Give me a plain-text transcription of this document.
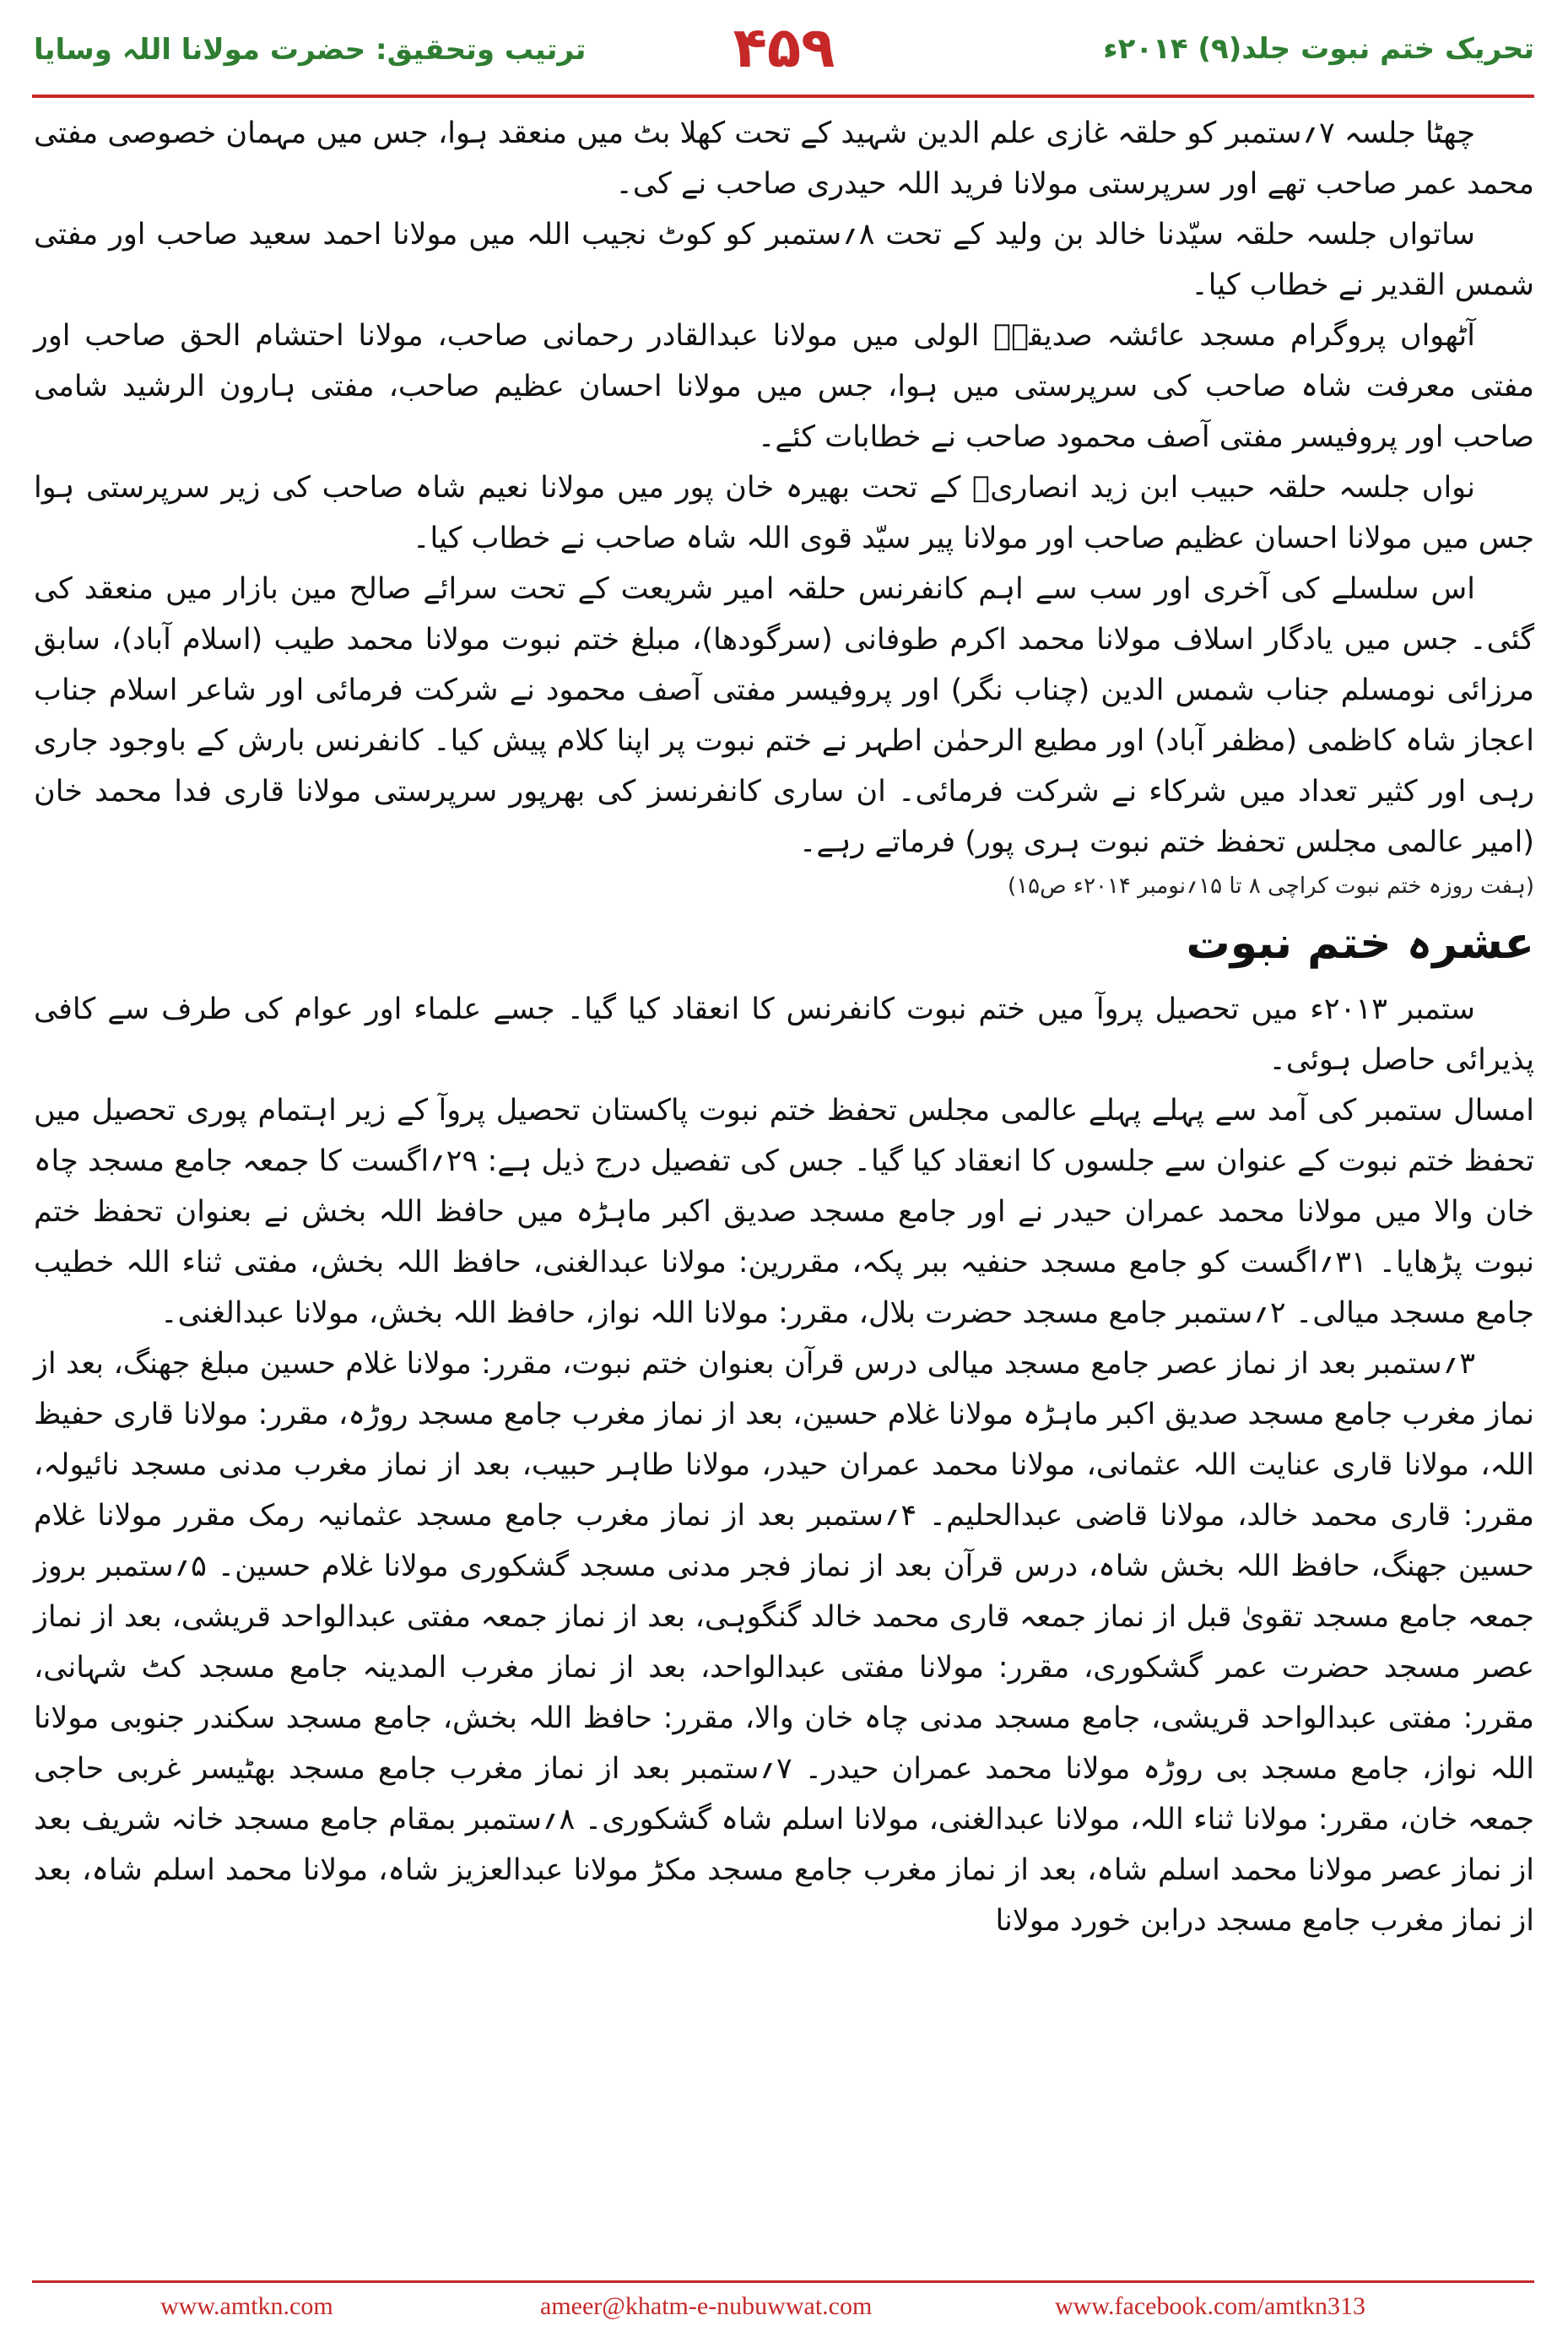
ترتیب وتحقیق: حضرت مولانا اللہ وسایا	۴۵۹	تحریک ختم نبوت جلد(۹) ۲۰۱۴ء

چھٹا جلسہ ۷؍ستمبر کو حلقہ غازی علم الدین شہید کے تحت کھلا بٹ میں منعقد ہوا، جس میں مہمان خصوصی مفتی محمد عمر صاحب تھے اور سرپرستی مولانا فرید اللہ حیدری صاحب نے کی۔

ساتواں جلسہ حلقہ سیّدنا خالد بن ولید کے تحت ۸؍ستمبر کو کوٹ نجیب اللہ میں مولانا احمد سعید صاحب اور مفتی شمس القدیر نے خطاب کیا۔

آٹھواں پروگرام مسجد عائشہ صدیقہؓ الولی میں مولانا عبدالقادر رحمانی صاحب، مولانا احتشام الحق صاحب اور مفتی معرفت شاہ صاحب کی سرپرستی میں ہوا، جس میں مولانا احسان عظیم صاحب، مفتی ہارون الرشید شامی صاحب اور پروفیسر مفتی آصف محمود صاحب نے خطابات کئے۔

نواں جلسہ حلقہ حبیب ابن زید انصاریؓ کے تحت بھیرہ خان پور میں مولانا نعیم شاہ صاحب کی زیر سرپرستی ہوا جس میں مولانا احسان عظیم صاحب اور مولانا پیر سیّد قوی اللہ شاہ صاحب نے خطاب کیا۔

اس سلسلے کی آخری اور سب سے اہم کانفرنس حلقہ امیر شریعت کے تحت سرائے صالح مین بازار میں منعقد کی گئی۔ جس میں یادگار اسلاف مولانا محمد اکرم طوفانی (سرگودھا)، مبلغ ختم نبوت مولانا محمد طیب (اسلام آباد)، سابق مرزائی نومسلم جناب شمس الدین (چناب نگر) اور پروفیسر مفتی آصف محمود نے شرکت فرمائی اور شاعر اسلام جناب اعجاز شاہ کاظمی (مظفر آباد) اور مطیع الرحمٰن اطہر نے ختم نبوت پر اپنا کلام پیش کیا۔ کانفرنس بارش کے باوجود جاری رہی اور کثیر تعداد میں شرکاء نے شرکت فرمائی۔ ان ساری کانفرنسز کی بھرپور سرپرستی مولانا قاری فدا محمد خان (امیر عالمی مجلس تحفظ ختم نبوت ہری پور) فرماتے رہے۔

(ہفت روزہ ختم نبوت کراچی ۸ تا ۱۵؍نومبر ۲۰۱۴ء ص۱۵)

عشرہ ختم نبوت

ستمبر ۲۰۱۳ء میں تحصیل پروآ میں ختم نبوت کانفرنس کا انعقاد کیا گیا۔ جسے علماء اور عوام کی طرف سے کافی پذیرائی حاصل ہوئی۔

امسال ستمبر کی آمد سے پہلے پہلے عالمی مجلس تحفظ ختم نبوت پاکستان تحصیل پروآ کے زیر اہتمام پوری تحصیل میں تحفظ ختم نبوت کے عنوان سے جلسوں کا انعقاد کیا گیا۔ جس کی تفصیل درج ذیل ہے: ۲۹؍اگست کا جمعہ جامع مسجد چاہ خان والا میں مولانا محمد عمران حیدر نے اور جامع مسجد صدیق اکبر ماہڑہ میں حافظ اللہ بخش نے بعنوان تحفظ ختم نبوت پڑھایا۔ ۳۱؍اگست کو جامع مسجد حنفیہ ببر پکہ، مقررین: مولانا عبدالغنی، حافظ اللہ بخش، مفتی ثناء اللہ خطیب جامع مسجد میالی۔ ۲؍ستمبر جامع مسجد حضرت بلال، مقرر: مولانا اللہ نواز، حافظ اللہ بخش، مولانا عبدالغنی۔

۳؍ستمبر بعد از نماز عصر جامع مسجد میالی درس قرآن بعنوان ختم نبوت، مقرر: مولانا غلام حسین مبلغ جھنگ، بعد از نماز مغرب جامع مسجد صدیق اکبر ماہڑہ مولانا غلام حسین، بعد از نماز مغرب جامع مسجد روڑہ، مقرر: مولانا قاری حفیظ اللہ، مولانا قاری عنایت اللہ عثمانی، مولانا محمد عمران حیدر، مولانا طاہر حبیب، بعد از نماز مغرب مدنی مسجد نائیولہ، مقرر: قاری محمد خالد، مولانا قاضی عبدالحلیم۔ ۴؍ستمبر بعد از نماز مغرب جامع مسجد عثمانیہ رمک مقرر مولانا غلام حسین جھنگ، حافظ اللہ بخش شاہ، درس قرآن بعد از نماز فجر مدنی مسجد گشکوری مولانا غلام حسین۔ ۵؍ستمبر بروز جمعہ جامع مسجد تقویٰ قبل از نماز جمعہ قاری محمد خالد گنگوہی، بعد از نماز جمعہ مفتی عبدالواحد قریشی، بعد از نماز عصر مسجد حضرت عمر گشکوری، مقرر: مولانا مفتی عبدالواحد، بعد از نماز مغرب المدینہ جامع مسجد کٹ شہانی، مقرر: مفتی عبدالواحد قریشی، جامع مسجد مدنی چاہ خان والا، مقرر: حافظ اللہ بخش، جامع مسجد سکندر جنوبی مولانا اللہ نواز، جامع مسجد بی روڑہ مولانا محمد عمران حیدر۔ ۷؍ستمبر بعد از نماز مغرب جامع مسجد بھٹیسر غربی حاجی جمعہ خان، مقرر: مولانا ثناء اللہ، مولانا عبدالغنی، مولانا اسلم شاہ گشکوری۔ ۸؍ستمبر بمقام جامع مسجد خانہ شریف بعد از نماز عصر مولانا محمد اسلم شاہ، بعد از نماز مغرب جامع مسجد مکڑ مولانا عبدالعزیز شاہ، مولانا محمد اسلم شاہ، بعد از نماز مغرب جامع مسجد درابن خورد مولانا

www.amtkn.com	ameer@khatm-e-nubuwwat.com	www.facebook.com/amtkn313
